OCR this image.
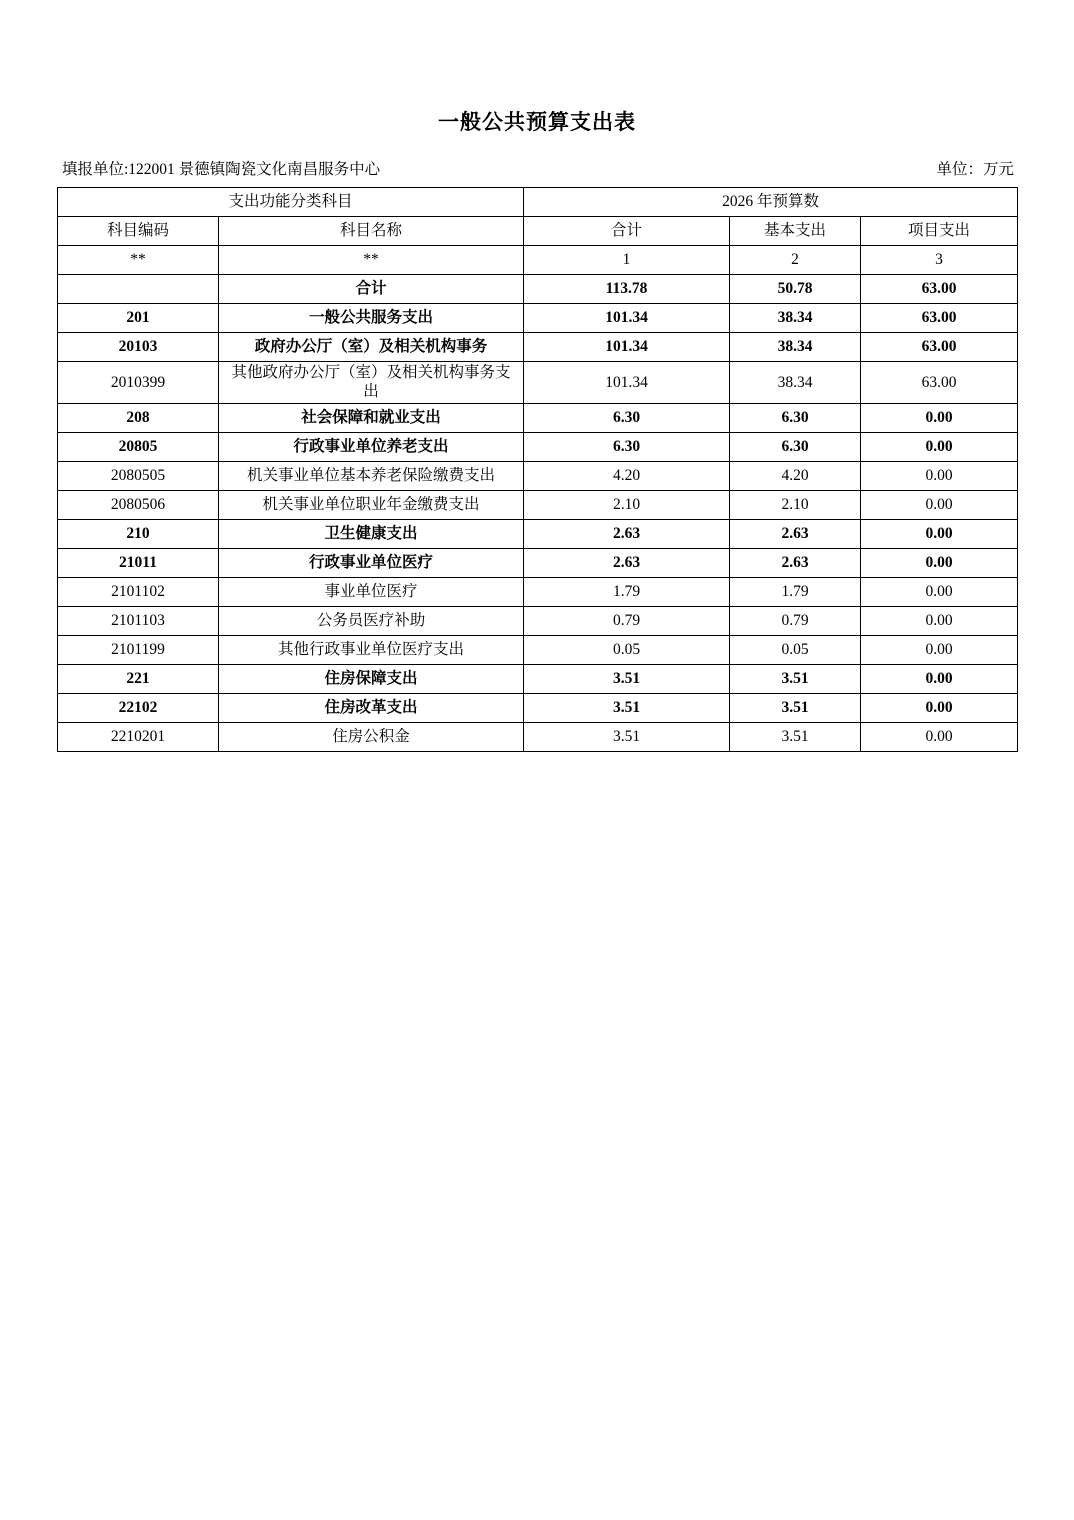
一般公共预算支出表
填报单位:122001 景德镇陶瓷文化南昌服务中心	单位：万元
支出功能分类科目		2026 年预算数		
科目编码	科目名称	合计	基本支出	项目支出
**	**	1	2	3
	合计	113.78	50.78	63.00
201	一般公共服务支出	101.34	38.34	63.00
20103	政府办公厅（室）及相关机构事务	101.34	38.34	63.00
2010399	其他政府办公厅（室）及相关机构事务支出	101.34	38.34	63.00
208	社会保障和就业支出	6.30	6.30	0.00
20805	行政事业单位养老支出	6.30	6.30	0.00
2080505	机关事业单位基本养老保险缴费支出	4.20	4.20	0.00
2080506	机关事业单位职业年金缴费支出	2.10	2.10	0.00
210	卫生健康支出	2.63	2.63	0.00
21011	行政事业单位医疗	2.63	2.63	0.00
2101102	事业单位医疗	1.79	1.79	0.00
2101103	公务员医疗补助	0.79	0.79	0.00
2101199	其他行政事业单位医疗支出	0.05	0.05	0.00
221	住房保障支出	3.51	3.51	0.00
22102	住房改革支出	3.51	3.51	0.00
2210201	住房公积金	3.51	3.51	0.00
